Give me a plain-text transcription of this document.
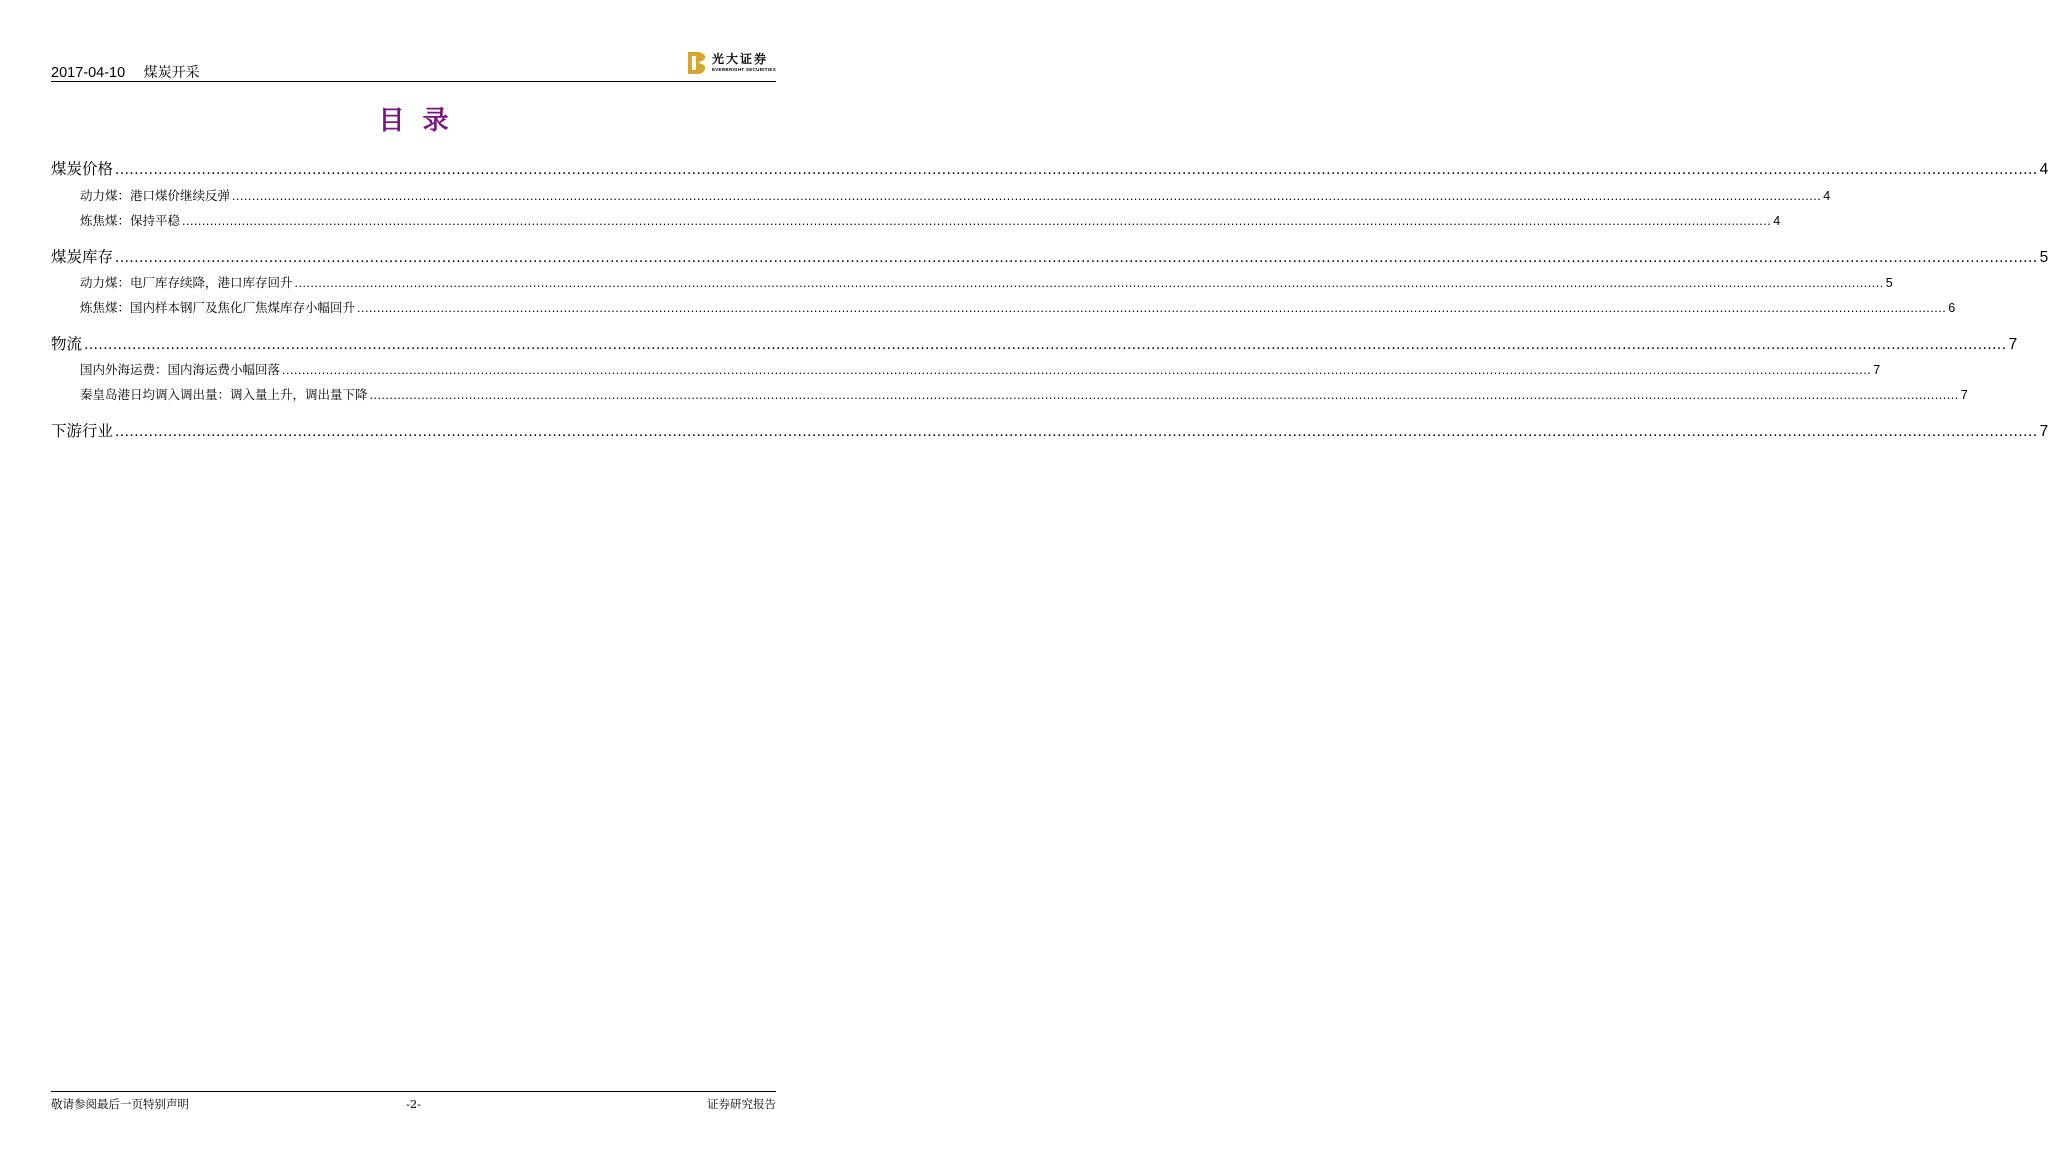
2017-04-10 煤炭开采
光大证券
EVERBRIGHT SECURITIES
目录
煤炭价格 ................................................................................................................................................................................................................................................................................................................................................................................................................ 4
动力煤：港口煤价继续反弹 ................................................................................................................................................................................................................................................................................................................................................................................................................ 4
炼焦煤：保持平稳 ................................................................................................................................................................................................................................................................................................................................................................................................................ 4
煤炭库存 ................................................................................................................................................................................................................................................................................................................................................................................................................ 5
动力煤：电厂库存续降，港口库存回升 ................................................................................................................................................................................................................................................................................................................................................................................................................ 5
炼焦煤：国内样本钢厂及焦化厂焦煤库存小幅回升 ................................................................................................................................................................................................................................................................................................................................................................................................................ 6
物流 ................................................................................................................................................................................................................................................................................................................................................................................................................ 7
国内外海运费：国内海运费小幅回落 ................................................................................................................................................................................................................................................................................................................................................................................................................ 7
秦皇岛港日均调入调出量：调入量上升，调出量下降 ................................................................................................................................................................................................................................................................................................................................................................................................................ 7
下游行业 ................................................................................................................................................................................................................................................................................................................................................................................................................ 7
敬请参阅最后一页特别声明	-2-	证券研究报告
